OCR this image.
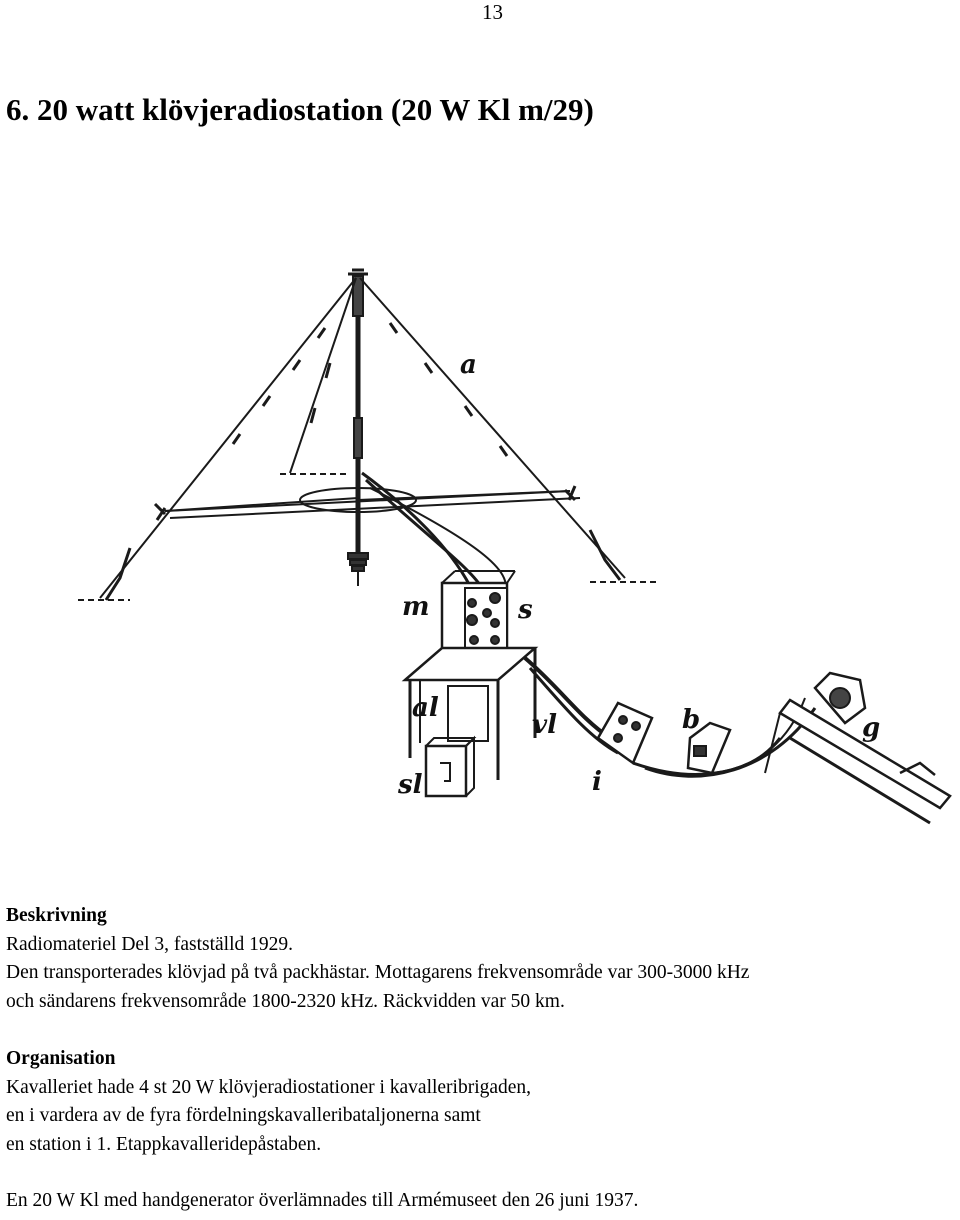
13
6. 20 watt klövjeradiostation (20 W Kl m/29)
a
m	s
al
vl
sl	i
b	g
Beskrivning
Radiomateriel Del 3, fastställd 1929.
Den transporterades klövjad på två packhästar. Mottagarens frekvensområde var 300-3000 kHz
och sändarens frekvensområde 1800-2320 kHz. Räckvidden var 50 km.
Organisation
Kavalleriet hade 4 st 20 W klövjeradiostationer i kavalleribrigaden,
en i vardera av de fyra fördelningskavalleribataljonerna samt
en station i 1. Etappkavalleridepåstaben.
En 20 W Kl med handgenerator överlämnades till Armémuseet den 26 juni 1937.
